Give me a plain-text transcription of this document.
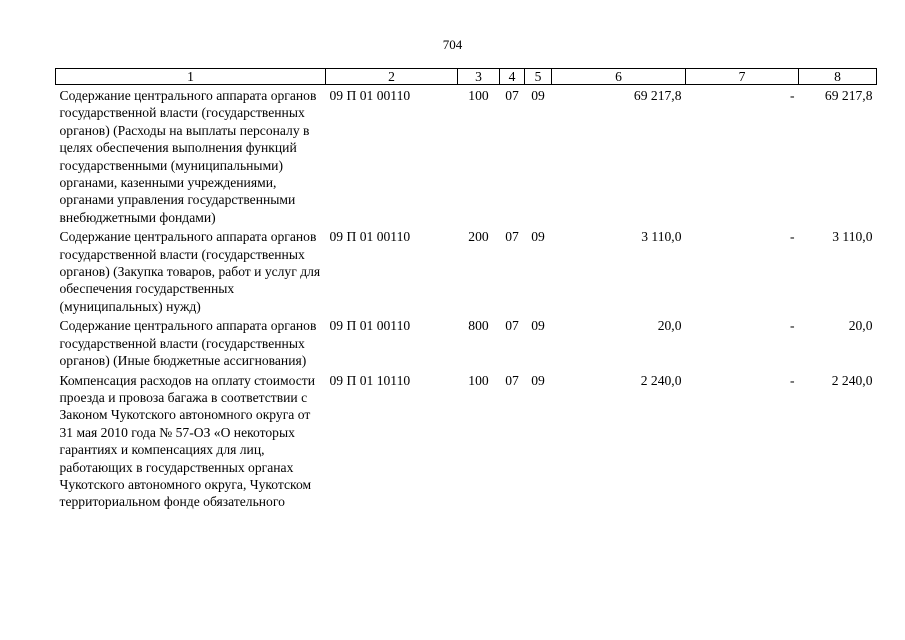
704
1	2	3	4	5	6	7	8
Содержание центрального аппарата органов государственной власти (государственных органов) (Расходы на выплаты персоналу в целях обеспечения выполнения функций государственными (муниципальными) органами, казенными учреждениями, органами управления государственными внебюджетными фондами)	09 П 01 00110	100	07	09	69 217,8	-	69 217,8
Содержание центрального аппарата органов государственной власти (государственных органов) (Закупка товаров, работ и услуг для обеспечения государственных (муниципальных) нужд)	09 П 01 00110	200	07	09	3 110,0	-	3 110,0
Содержание центрального аппарата органов государственной власти (государственных органов) (Иные бюджетные ассигнования)	09 П 01 00110	800	07	09	20,0	-	20,0
Компенсация расходов на оплату стоимости проезда и провоза багажа в соответствии с Законом Чукотского автономного округа от 31 мая 2010 года № 57-ОЗ «О некоторых гарантиях и компенсациях для лиц, работающих в государственных органах Чукотского автономного округа, Чукотском территориальном фонде обязательного	09 П 01 10110	100	07	09	2 240,0	-	2 240,0
